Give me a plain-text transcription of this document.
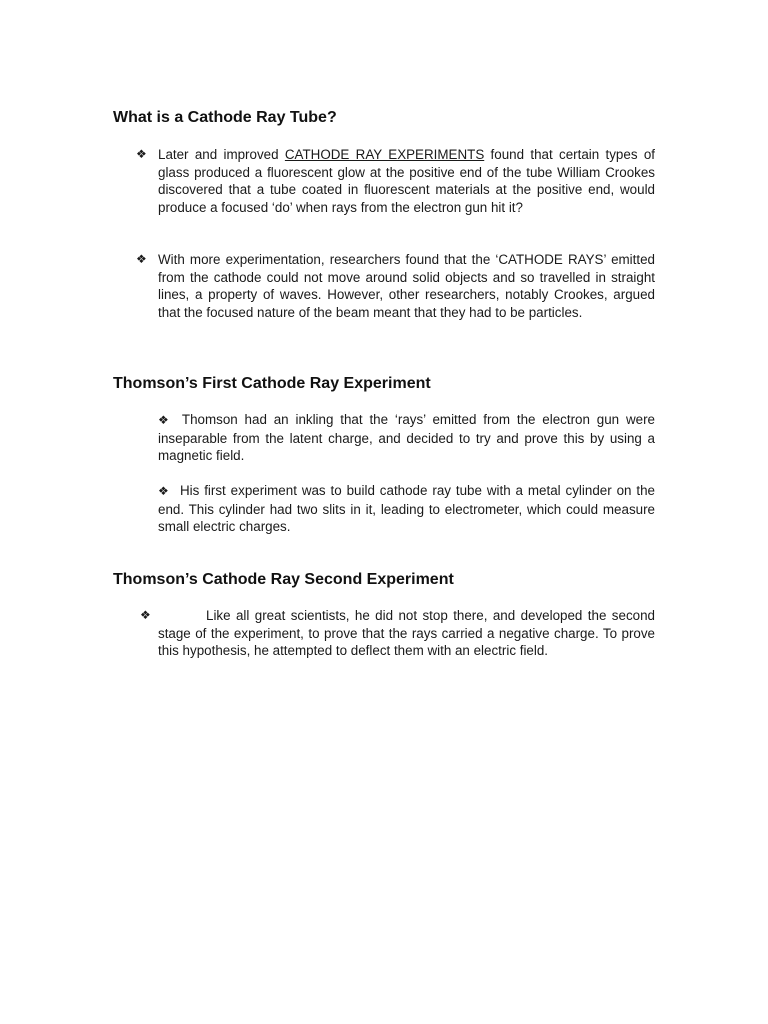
What is a Cathode Ray Tube?
❖ Later and improved CATHODE RAY EXPERIMENTS found that certain types of glass produced a fluorescent glow at the positive end of the tube William Crookes discovered that a tube coated in fluorescent materials at the positive end, would produce a focused ‘do’ when rays from the electron gun hit it?
❖ With more experimentation, researchers found that the ‘CATHODE RAYS’ emitted from the cathode could not move around solid objects and so travelled in straight lines, a property of waves. However, other researchers, notably Crookes, argued that the focused nature of the beam meant that they had to be particles.
Thomson’s First Cathode Ray Experiment
❖ Thomson had an inkling that the ‘rays’ emitted from the electron gun were inseparable from the latent charge, and decided to try and prove this by using a magnetic field.
❖ His first experiment was to build cathode ray tube with a metal cylinder on the end. This cylinder had two slits in it, leading to electrometer, which could measure small electric charges.
Thomson’s Cathode Ray Second Experiment
❖	Like all great scientists, he did not stop there, and developed the second stage of the experiment, to prove that the rays carried a negative charge. To prove this hypothesis, he attempted to deflect them with an electric field.
